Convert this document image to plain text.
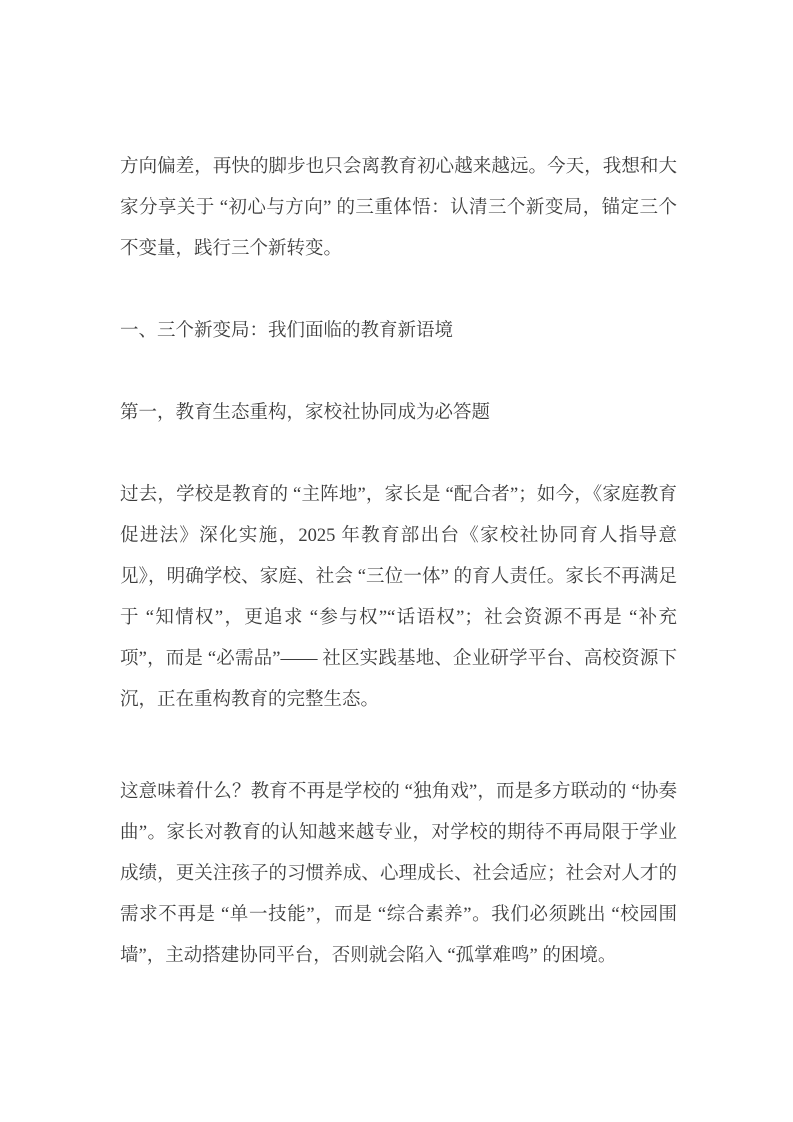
方向偏差，再快的脚步也只会离教育初心越来越远。今天，我想和大家分享关于 “初心与方向” 的三重体悟：认清三个新变局，锚定三个不变量，践行三个新转变。

一、三个新变局：我们面临的教育新语境

第一，教育生态重构，家校社协同成为必答题

过去，学校是教育的 “主阵地”，家长是 “配合者”；如今，《家庭教育促进法》深化实施，2025 年教育部出台《家校社协同育人指导意见》，明确学校、家庭、社会 “三位一体” 的育人责任。家长不再满足于 “知情权”，更追求 “参与权”“话语权”；社会资源不再是 “补充项”，而是 “必需品”—— 社区实践基地、企业研学平台、高校资源下沉，正在重构教育的完整生态。

这意味着什么？教育不再是学校的 “独角戏”，而是多方联动的 “协奏曲”。家长对教育的认知越来越专业，对学校的期待不再局限于学业成绩，更关注孩子的习惯养成、心理成长、社会适应；社会对人才的需求不再是 “单一技能”，而是 “综合素养”。我们必须跳出 “校园围墙”，主动搭建协同平台，否则就会陷入 “孤掌难鸣” 的困境。
